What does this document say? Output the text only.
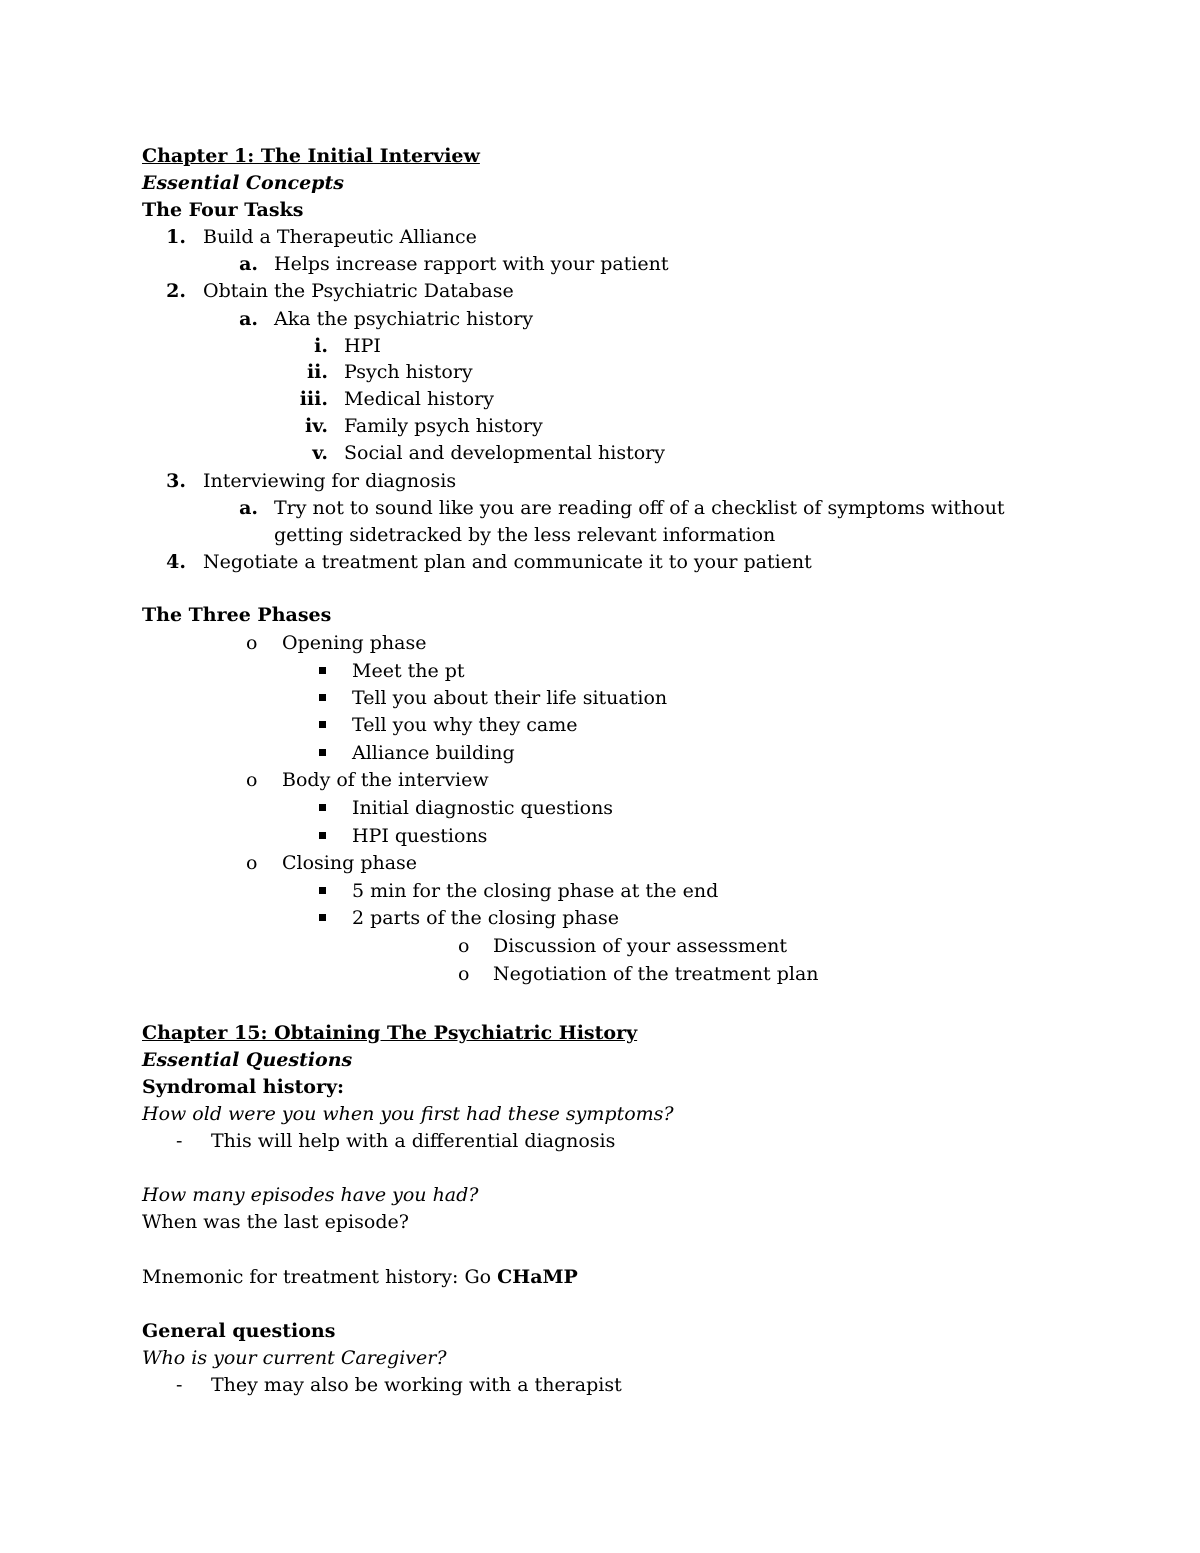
Chapter 1: The Initial Interview
Essential Concepts
The Four Tasks
1. Build a Therapeutic Alliance
a. Helps increase rapport with your patient
2. Obtain the Psychiatric Database
a. Aka the psychiatric history
i. HPI
ii. Psych history
iii. Medical history
iv. Family psych history
v. Social and developmental history
3. Interviewing for diagnosis
a. Try not to sound like you are reading off of a checklist of symptoms without
getting sidetracked by the less relevant information
4. Negotiate a treatment plan and communicate it to your patient
The Three Phases
o Opening phase
Meet the pt
Tell you about their life situation
Tell you why they came
Alliance building
o Body of the interview
Initial diagnostic questions
HPI questions
o Closing phase
5 min for the closing phase at the end
2 parts of the closing phase
o Discussion of your assessment
o Negotiation of the treatment plan
Chapter 15: Obtaining The Psychiatric History
Essential Questions
Syndromal history:
How old were you when you first had these symptoms?
- This will help with a differential diagnosis
How many episodes have you had?
When was the last episode?
Mnemonic for treatment history: Go CHaMP
General questions
Who is your current Caregiver?
- They may also be working with a therapist
